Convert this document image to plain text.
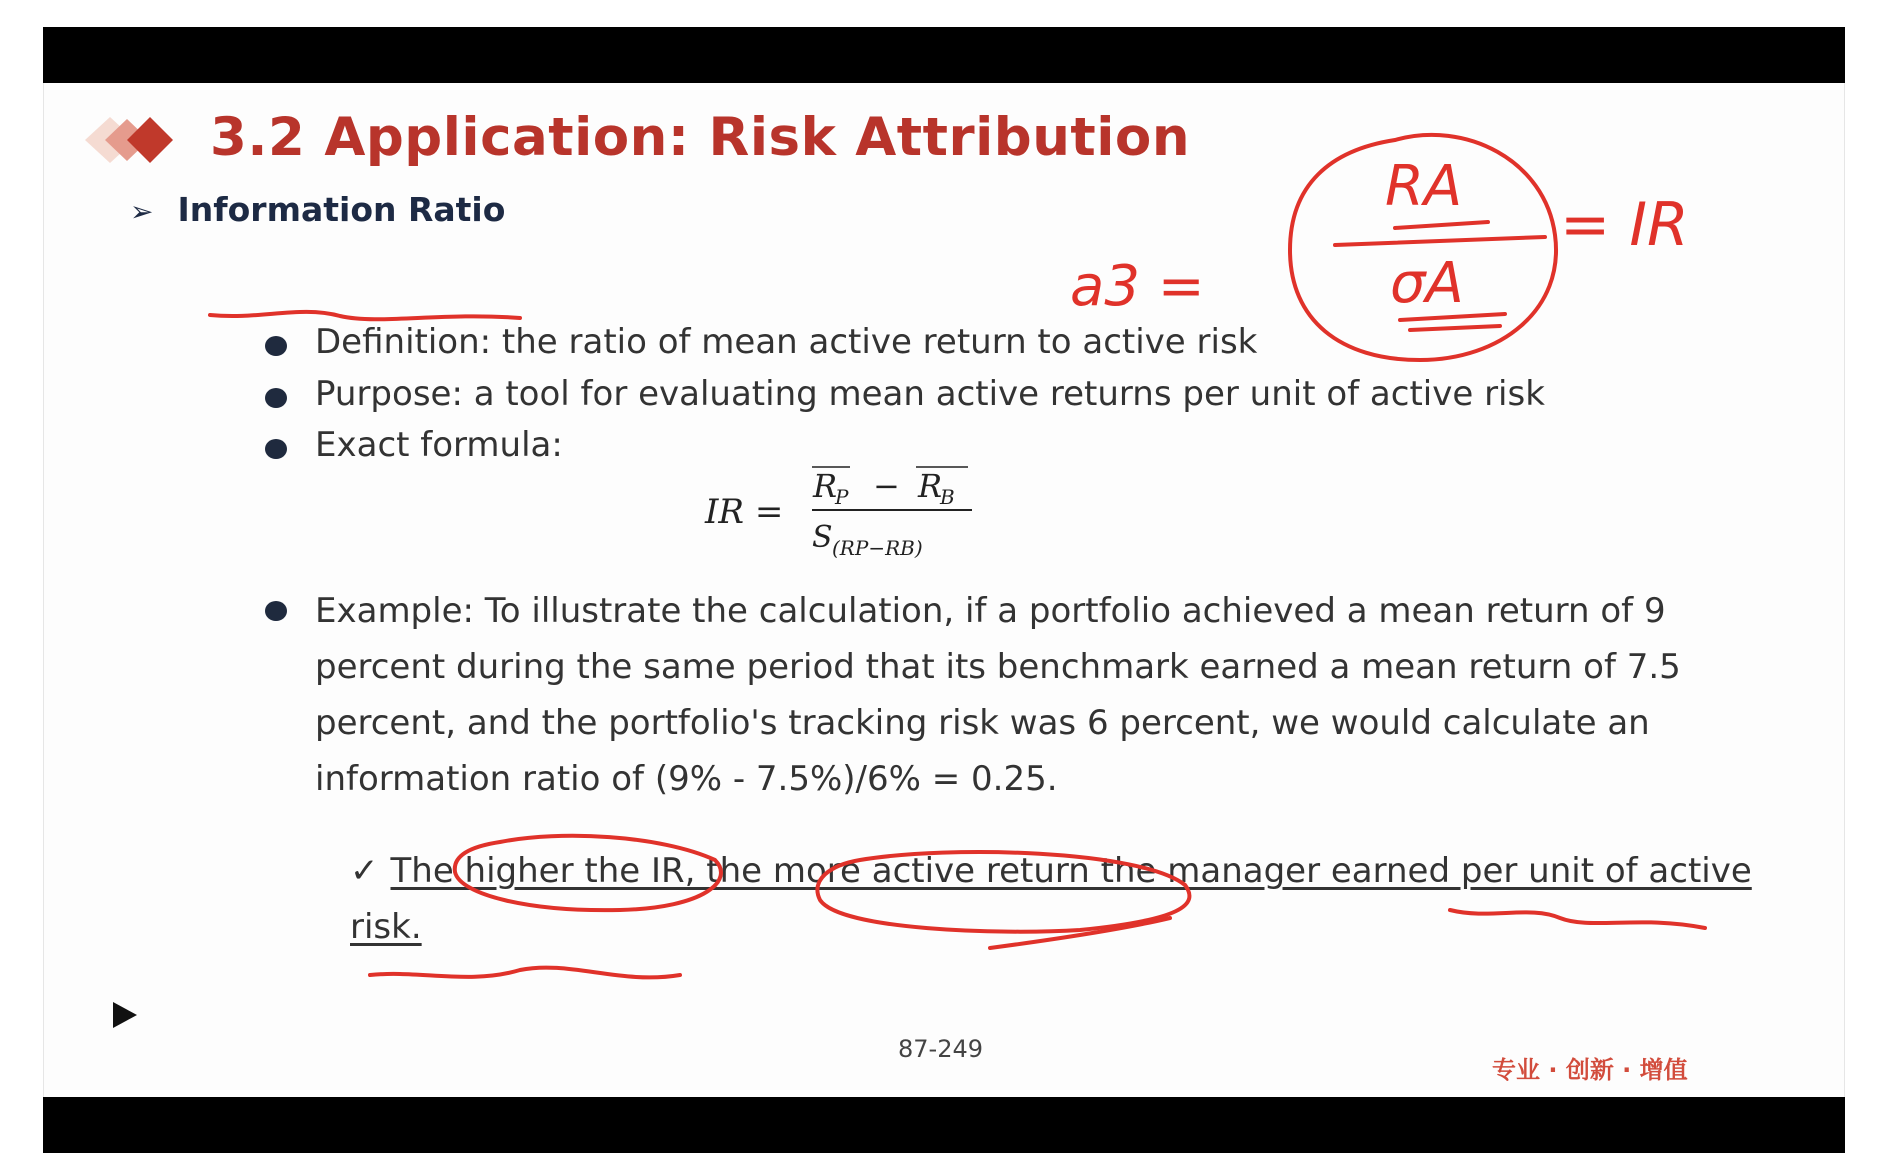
3.2 Application: Risk Attribution
➢ Information Ratio
Definition: the ratio of mean active return to active risk
Purpose: a tool for evaluating mean active returns per unit of active risk
Exact formula:
IR =
R
P − R
B
S (RP−RB)
Example: To illustrate the calculation, if a portfolio achieved a mean return of 9 percent during the same period that its benchmark earned a mean return of 7.5 percent, and the portfolio's tracking risk was 6 percent, we would calculate an information ratio of (9% - 7.5%)/6% = 0.25.
✓ The higher the IR, the more active return the manager earned per unit of active risk.
87-249
专业 · 创新 · 增值
RA
σA
a3 =
= IR
